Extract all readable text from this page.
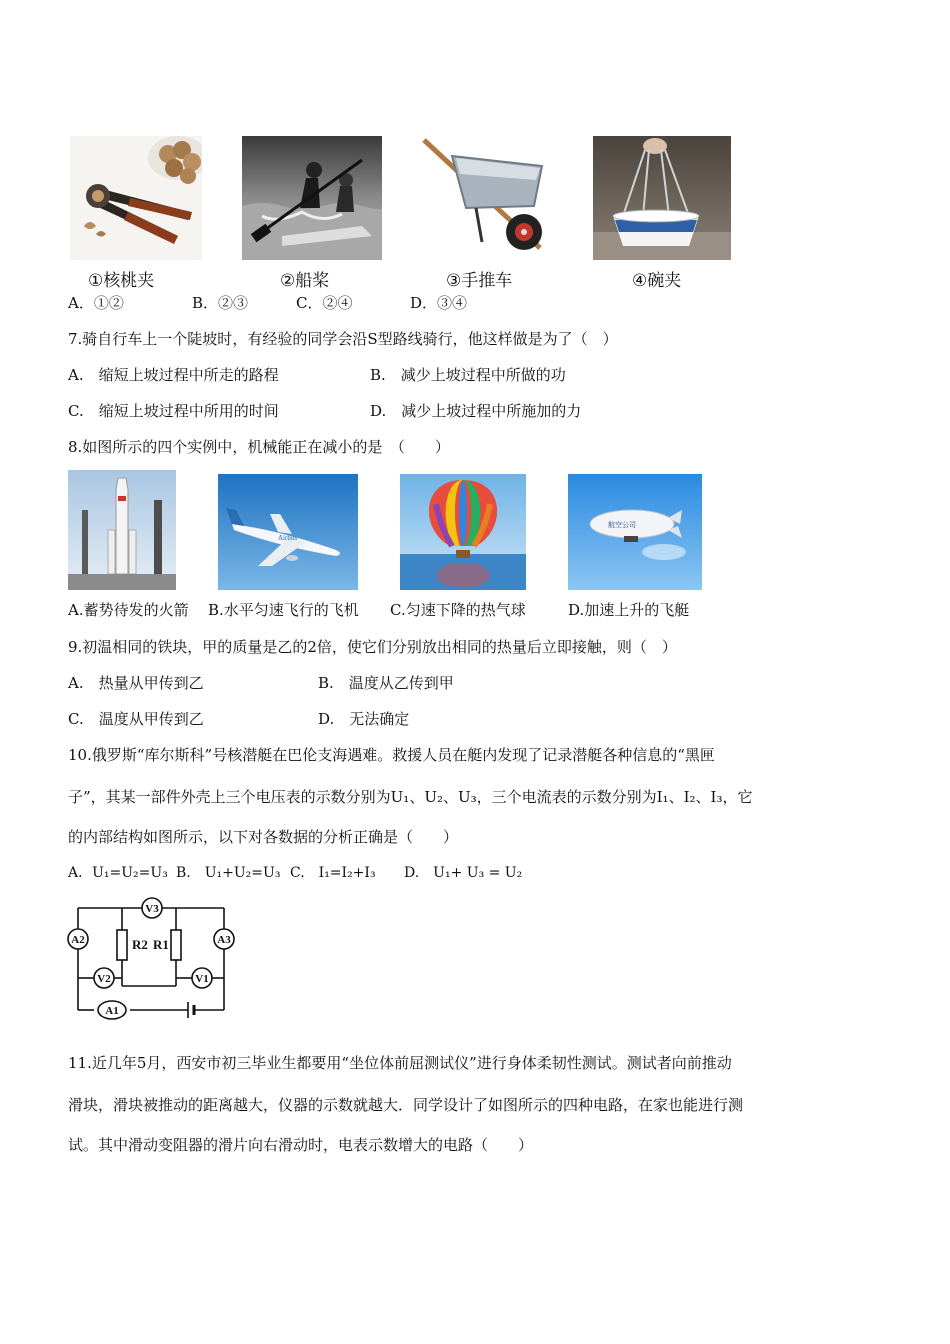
①核桃夹	②船桨	③手推车	④碗夹
A．①②	B．②③	C．②④	D．③④
7.骑自行车上一个陡坡时，有经验的同学会沿S型路线骑行，他这样做是为了（　）
A.　缩短上坡过程中所走的路程	B.　减少上坡过程中所做的功
C.　缩短上坡过程中所用的时间	D.　减少上坡过程中所施加的力
8.如图所示的四个实例中，机械能正在减小的是　（　　）
Airbus
航空公司
A.蓄势待发的火箭 B.水平匀速飞行的飞机 C.匀速下降的热气球	D.加速上升的飞艇
9.初温相同的铁块，甲的质量是乙的2倍，使它们分别放出相同的热量后立即接触，则（　）
A.　热量从甲传到乙	B.　温度从乙传到甲
C.　温度从甲传到乙	D.　无法确定
10.俄罗斯“库尔斯科”号核潜艇在巴伦支海遇难。救援人员在艇内发现了记录潜艇各种信息的“黑匣
子”，其某一部件外壳上三个电压表的示数分别为U₁、U₂、U₃，三个电流表的示数分别为I₁、I₂、I₃，它
的内部结构如图所示，以下对各数据的分析正确是（　　）
A．U₁=U₂=U₃ B.　U₁+U₂=U₃ C.　I₁=I₂+I₃ D.　U₁+ U₃ = U₂
V3
A2	A3
V2	V1
A1
R2 R1
11.近几年5月，西安市初三毕业生都要用“坐位体前屈测试仪”进行身体柔韧性测试。测试者向前推动
滑块，滑块被推动的距离越大，仪器的示数就越大．同学设计了如图所示的四种电路，在家也能进行测
试。其中滑动变阻器的滑片向右滑动时，电表示数增大的电路（　　）
